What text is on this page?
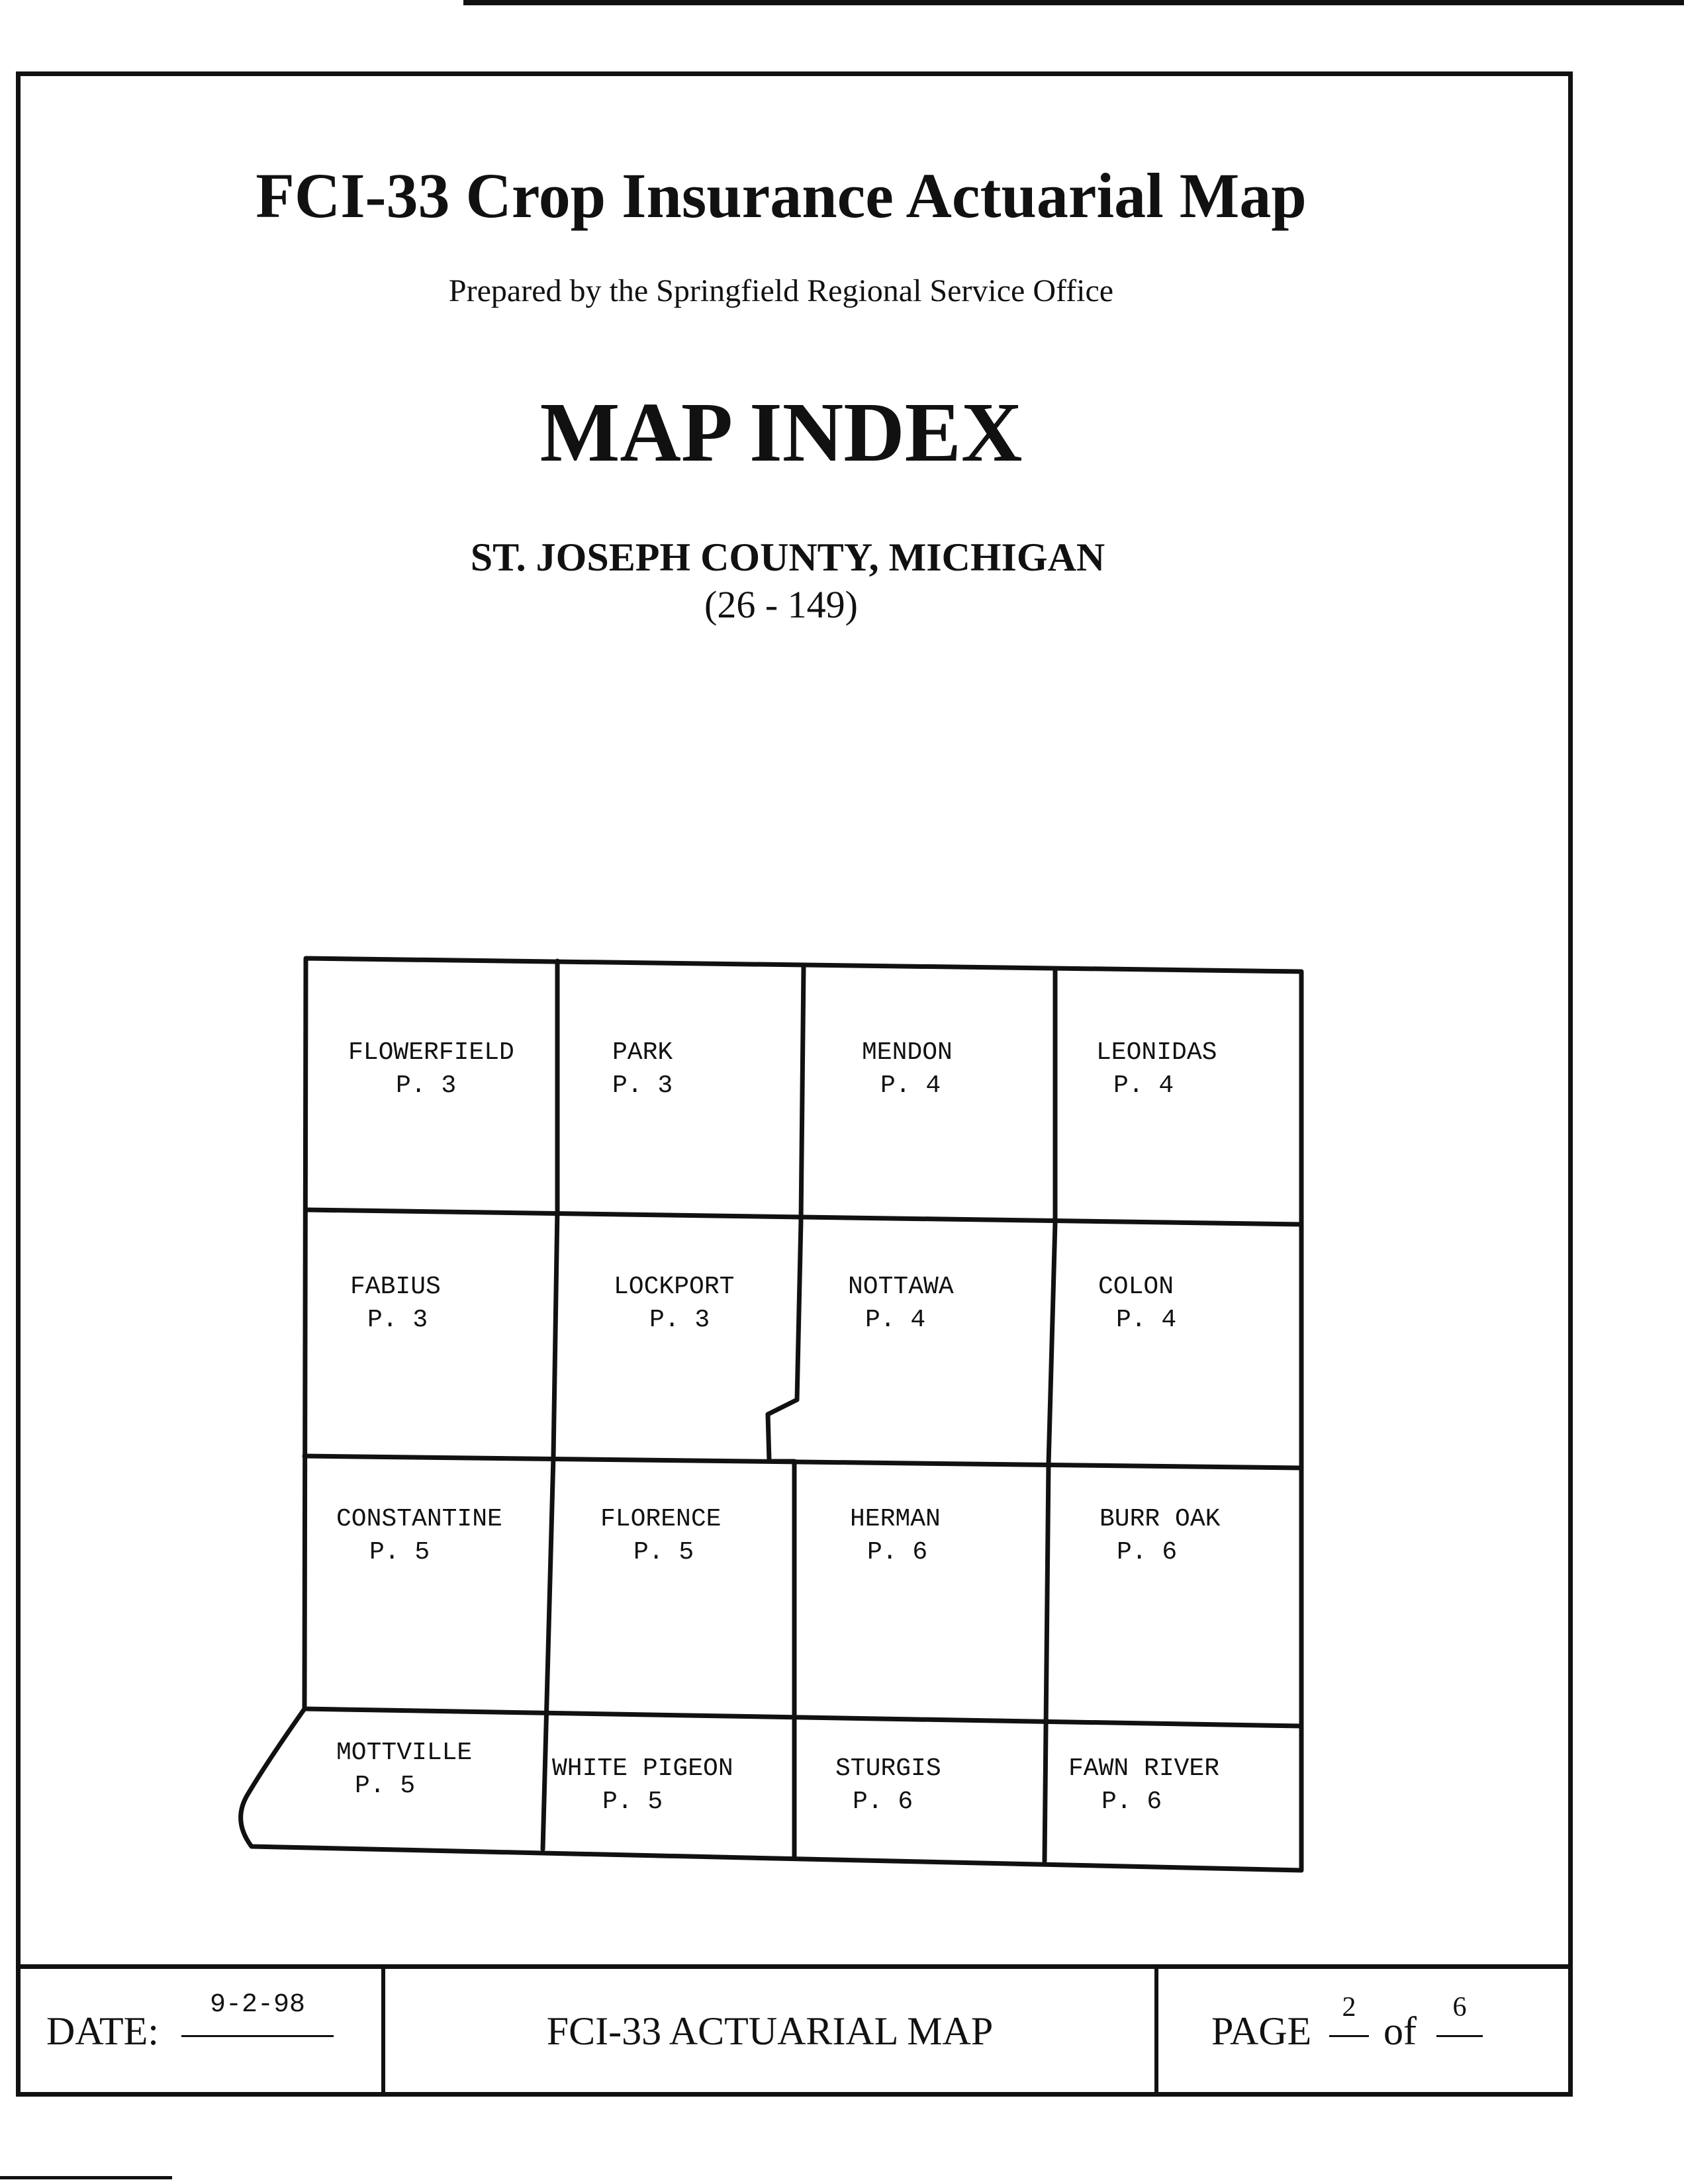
FCI-33 Crop Insurance Actuarial Map
Prepared by the Springfield Regional Service Office
MAP INDEX
ST. JOSEPH COUNTY, MICHIGAN
(26 - 149)
FLOWERFIELD
P. 3
PARK
P. 3
MENDON
P. 4
LEONIDAS
P. 4
FABIUS
P. 3
LOCKPORT
P. 3
NOTTAWA
P. 4
COLON
P. 4
CONSTANTINE
P. 5
FLORENCE
P. 5
HERMAN
P. 6
BURR OAK
P. 6
MOTTVILLE
P. 5
WHITE PIGEON
P. 5
STURGIS
P. 6
FAWN RIVER
P. 6
DATE:
9-2-98
FCI-33 ACTUARIAL MAP	PAGE
2
of
6
